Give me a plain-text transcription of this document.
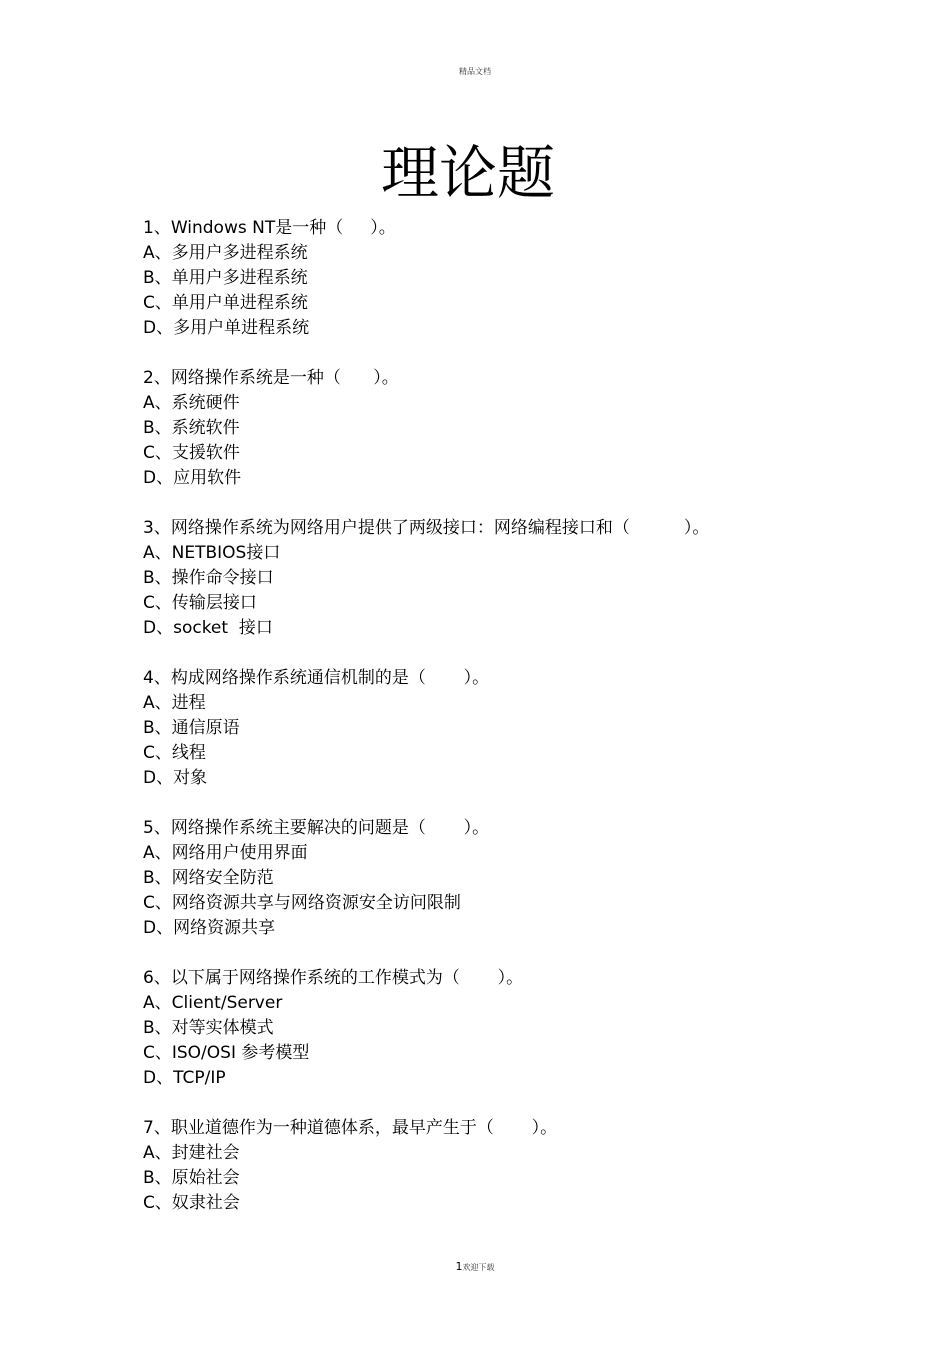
精品文档
理论题
1、Windows NT是一种（     ）。
A、多用户多进程系统
B、单用户多进程系统
C、单用户单进程系统
D、多用户单进程系统
2、网络操作系统是一种（      ）。
A、系统硬件
B、系统软件
C、支援软件
D、应用软件
3、网络操作系统为网络用户提供了两级接口：网络编程接口和（          ）。
A、NETBIOS接口
B、操作命令接口
C、传输层接口
D、socket  接口
4、构成网络操作系统通信机制的是（       ）。
A、进程
B、通信原语
C、线程
D、对象
5、网络操作系统主要解决的问题是（       ）。
A、网络用户使用界面
B、网络安全防范
C、网络资源共享与网络资源安全访问限制
D、网络资源共享
6、以下属于网络操作系统的工作模式为（       ）。
A、Client/Server
B、对等实体模式
C、ISO/OSI 参考模型
D、TCP/IP
7、职业道德作为一种道德体系，最早产生于（       ）。
A、封建社会
B、原始社会
C、奴隶社会
1欢迎下载
